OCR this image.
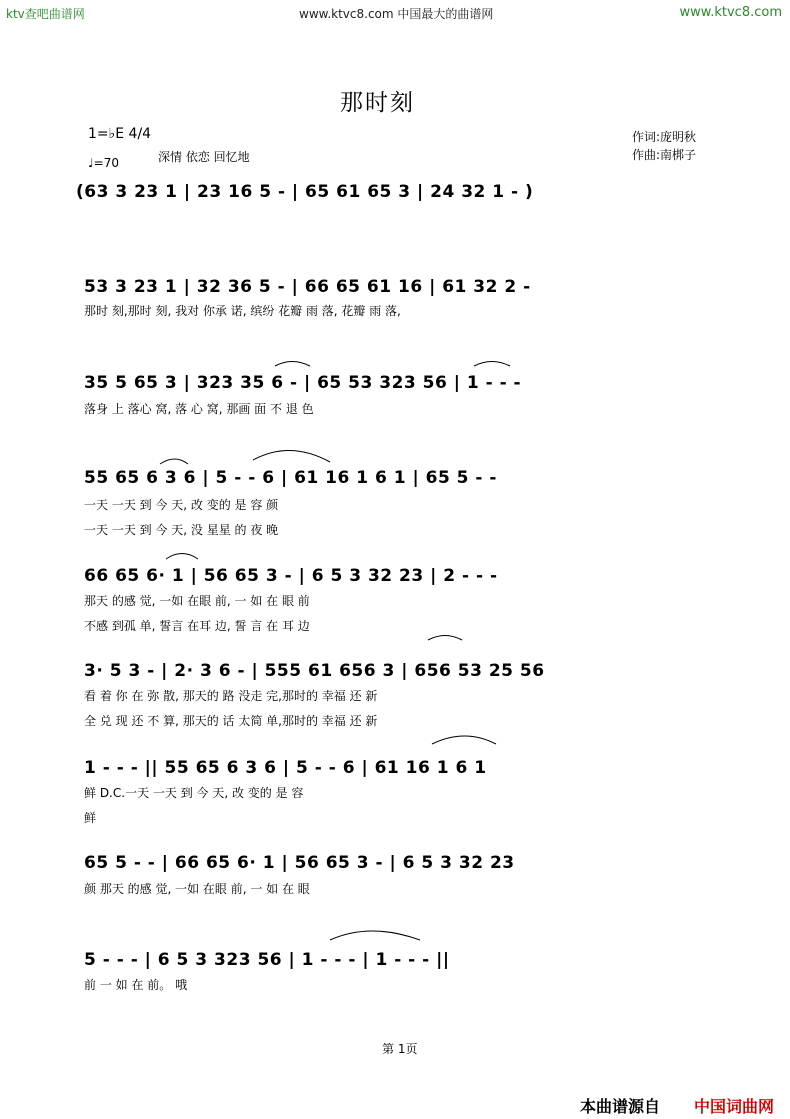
ktv查吧曲谱网	www.ktvc8.com 中国最大的曲谱网	www.ktvc8.com
那时刻
1=♭E 4/4
♩=70	深情 依恋 回忆地
作词:庞明秋
作曲:南梆子
(63 3 23 1 | 23 16 5 - | 65 61 65 3 | 24 32 1 - )
53 3 23 1 | 32 36 5 - | 66 65 61 16 | 61 32 2 -
那时 刻,那时 刻, 我对 你承 诺, 缤纷 花瓣 雨 落, 花瓣 雨 落,
35 5 65 3 | 323 35 6 - | 65 53 323 56 | 1 - - -
落身 上 落心 窝, 落 心 窝, 那画 面 不 退 色
55 65 6 3 6 | 5 - - 6 | 61 16 1 6 1 | 65 5 - -
一天 一天 到 今 天, 改 变的 是 容 颜
一天 一天 到 今 天, 没 星星 的 夜 晚
66 65 6· 1 | 56 65 3 - | 6 5 3 32 23 | 2 - - -
那天 的感 觉, 一如 在眼 前, 一 如 在 眼 前
不感 到孤 单, 誓言 在耳 边, 誓 言 在 耳 边
3· 5 3 - | 2· 3 6 - | 555 61 656 3 | 656 53 25 56
看 着 你 在 弥 散, 那天的 路 没走 完,那时的 幸福 还 新
全 兑 现 还 不 算, 那天的 话 太简 单,那时的 幸福 还 新
1 - - - || 55 65 6 3 6 | 5 - - 6 | 61 16 1 6 1
鲜 D.C.一天 一天 到 今 天, 改 变的 是 容
鲜
65 5 - - | 66 65 6· 1 | 56 65 3 - | 6 5 3 32 23
颜 那天 的感 觉, 一如 在眼 前, 一 如 在 眼
5 - - - | 6 5 3 323 56 | 1 - - - | 1 - - - ||
前 一 如 在 前。 哦
第 1页
本曲谱源自 中国词曲网
